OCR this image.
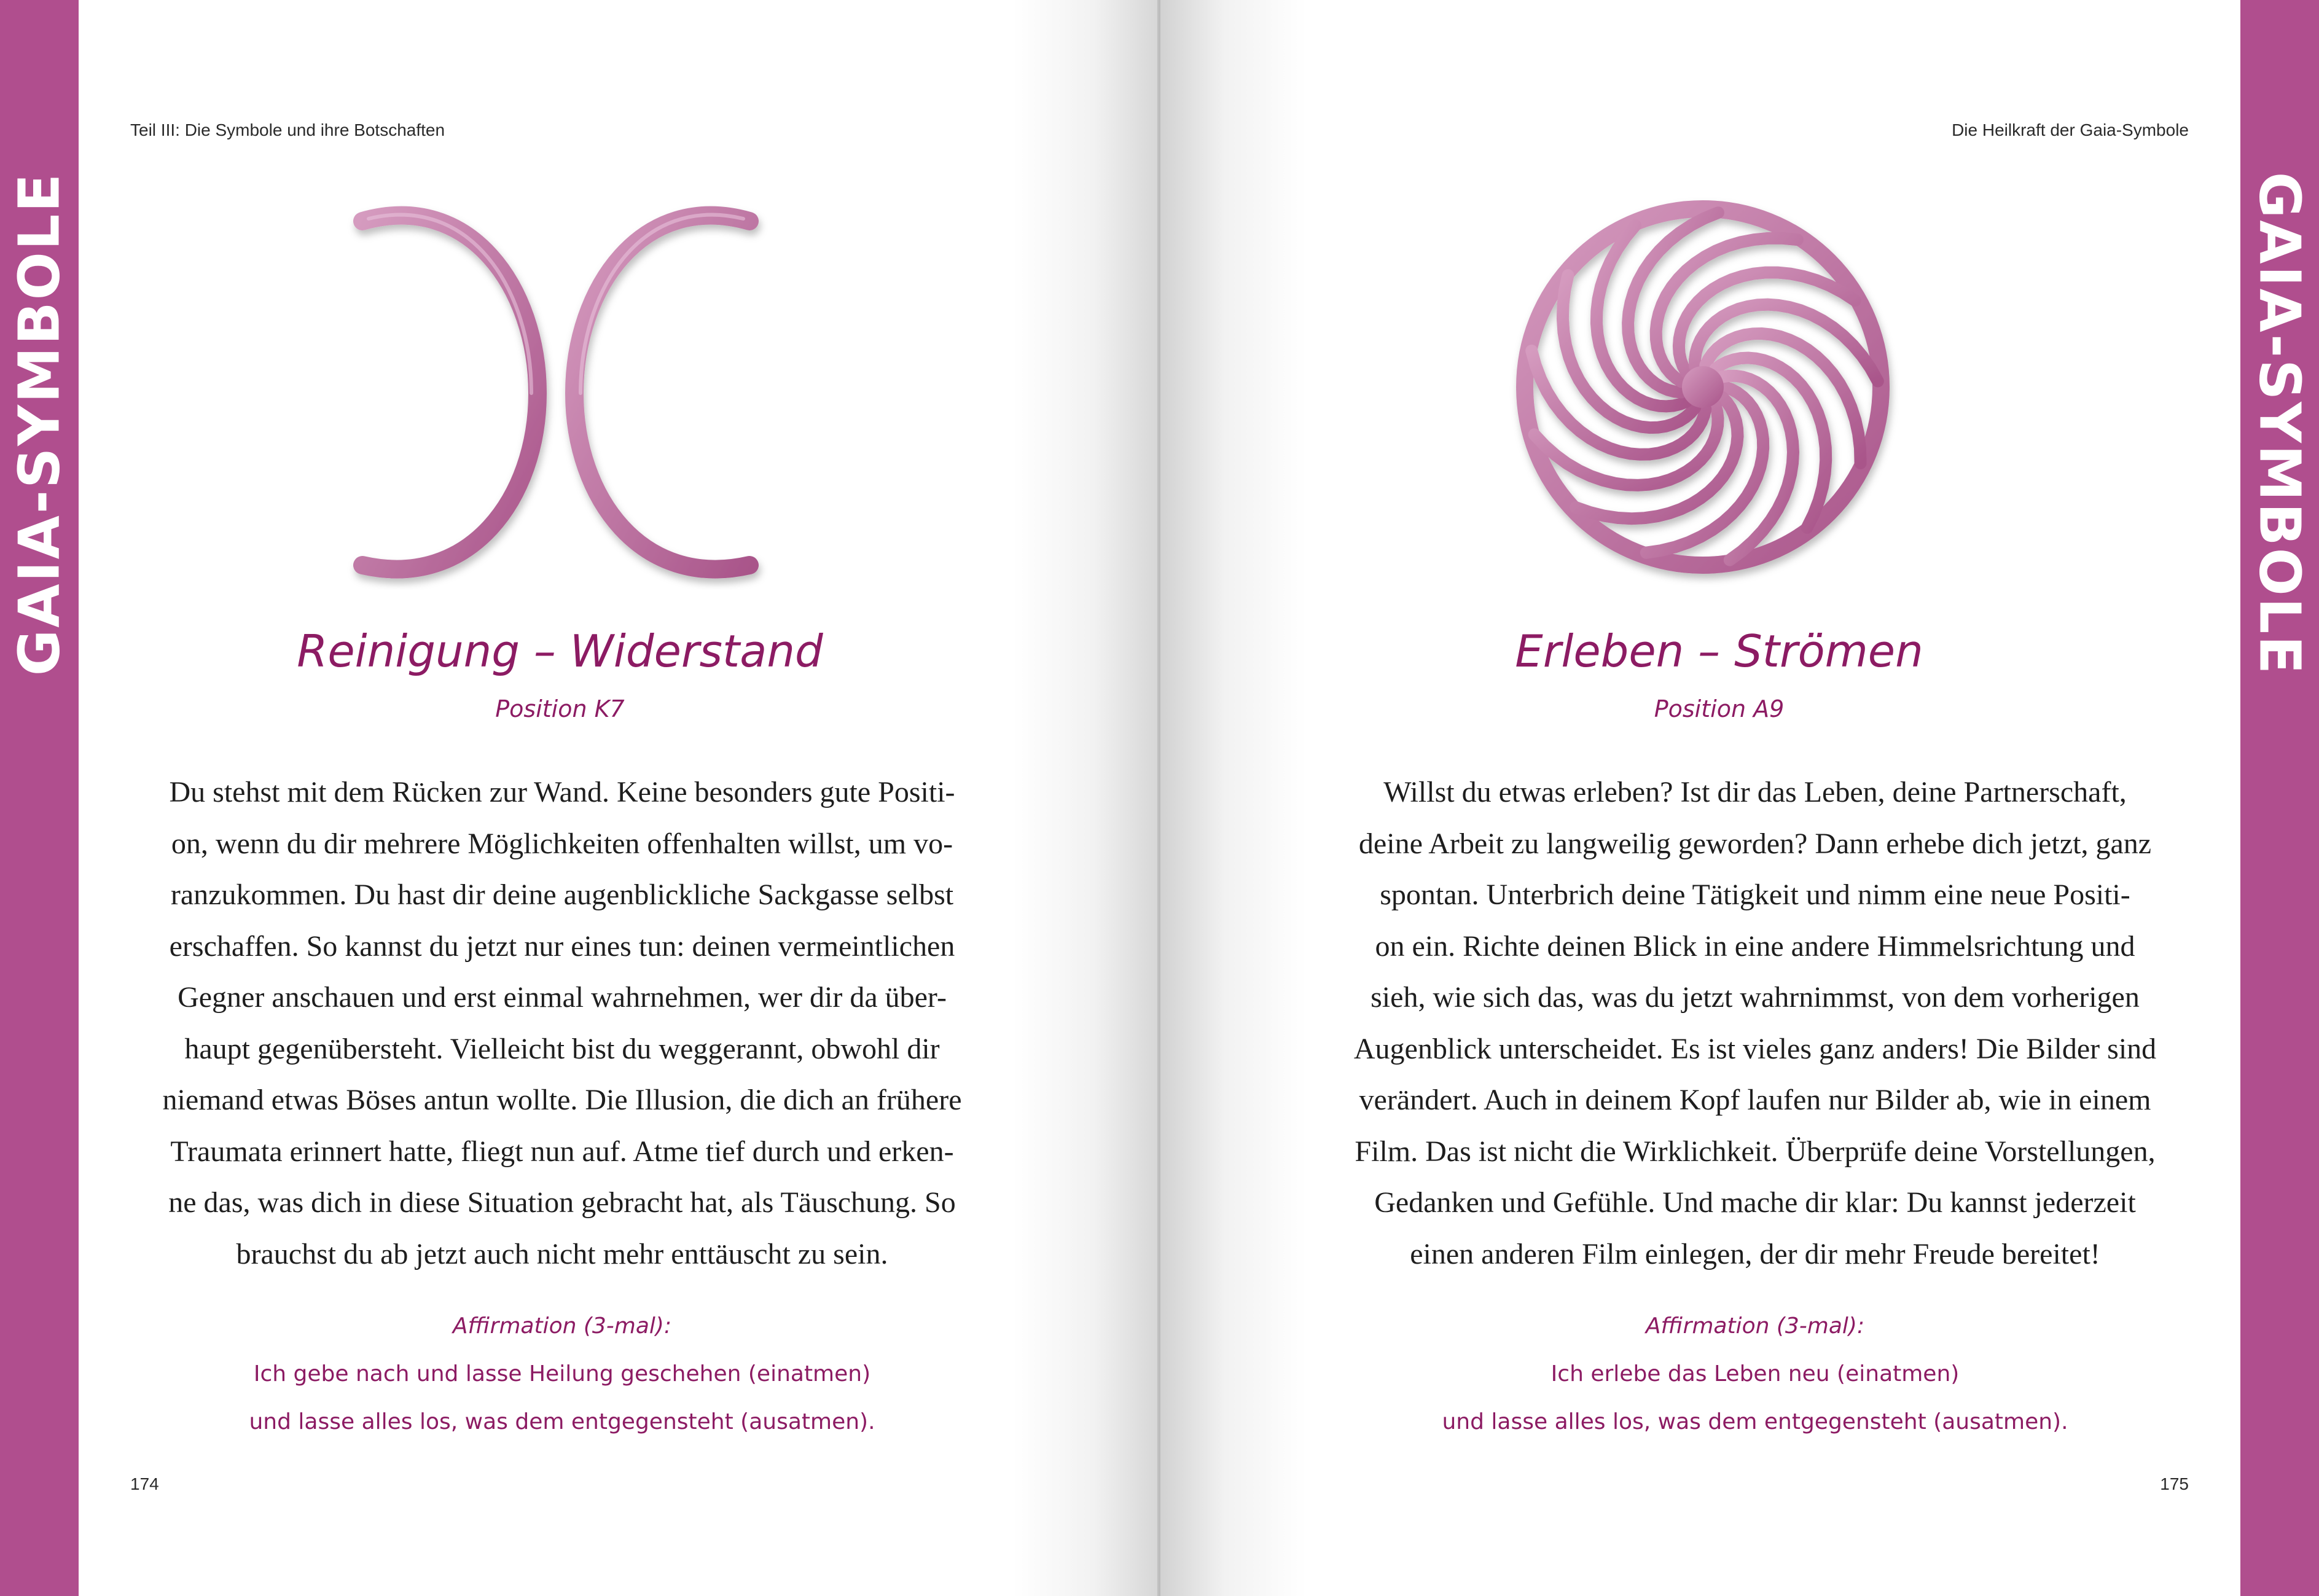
GAIA-SYMBOLE
Teil III: Die Symbole und ihre Botschaften
Reinigung – Widerstand
Position K7
Du stehst mit dem Rücken zur Wand. Keine besonders gute Positi-
on, wenn du dir mehrere Möglichkeiten offenhalten willst, um vo-
ranzukommen. Du hast dir deine augenblickliche Sackgasse selbst
erschaffen. So kannst du jetzt nur eines tun: deinen vermeintlichen
Gegner anschauen und erst einmal wahrnehmen, wer dir da über-
haupt gegenübersteht. Vielleicht bist du weggerannt, obwohl dir
niemand etwas Böses antun wollte. Die Illusion, die dich an frühere
Traumata erinnert hatte, fliegt nun auf. Atme tief durch und erken-
ne das, was dich in diese Situation gebracht hat, als Täuschung. So
brauchst du ab jetzt auch nicht mehr enttäuscht zu sein.
Affirmation (3-mal):
Ich gebe nach und lasse Heilung geschehen (einatmen)
und lasse alles los, was dem entgegensteht (ausatmen).
174
GAIA-SYMBOLE
Die Heilkraft der Gaia-Symbole
Erleben – Strömen
Position A9
Willst du etwas erleben? Ist dir das Leben, deine Partnerschaft,
deine Arbeit zu langweilig geworden? Dann erhebe dich jetzt, ganz
spontan. Unterbrich deine Tätigkeit und nimm eine neue Positi-
on ein. Richte deinen Blick in eine andere Himmelsrichtung und
sieh, wie sich das, was du jetzt wahrnimmst, von dem vorherigen
Augenblick unterscheidet. Es ist vieles ganz anders! Die Bilder sind
verändert. Auch in deinem Kopf laufen nur Bilder ab, wie in einem
Film. Das ist nicht die Wirklichkeit. Überprüfe deine Vorstellungen,
Gedanken und Gefühle. Und mache dir klar: Du kannst jederzeit
einen anderen Film einlegen, der dir mehr Freude bereitet!
Affirmation (3-mal):
Ich erlebe das Leben neu (einatmen)
und lasse alles los, was dem entgegensteht (ausatmen).
175
